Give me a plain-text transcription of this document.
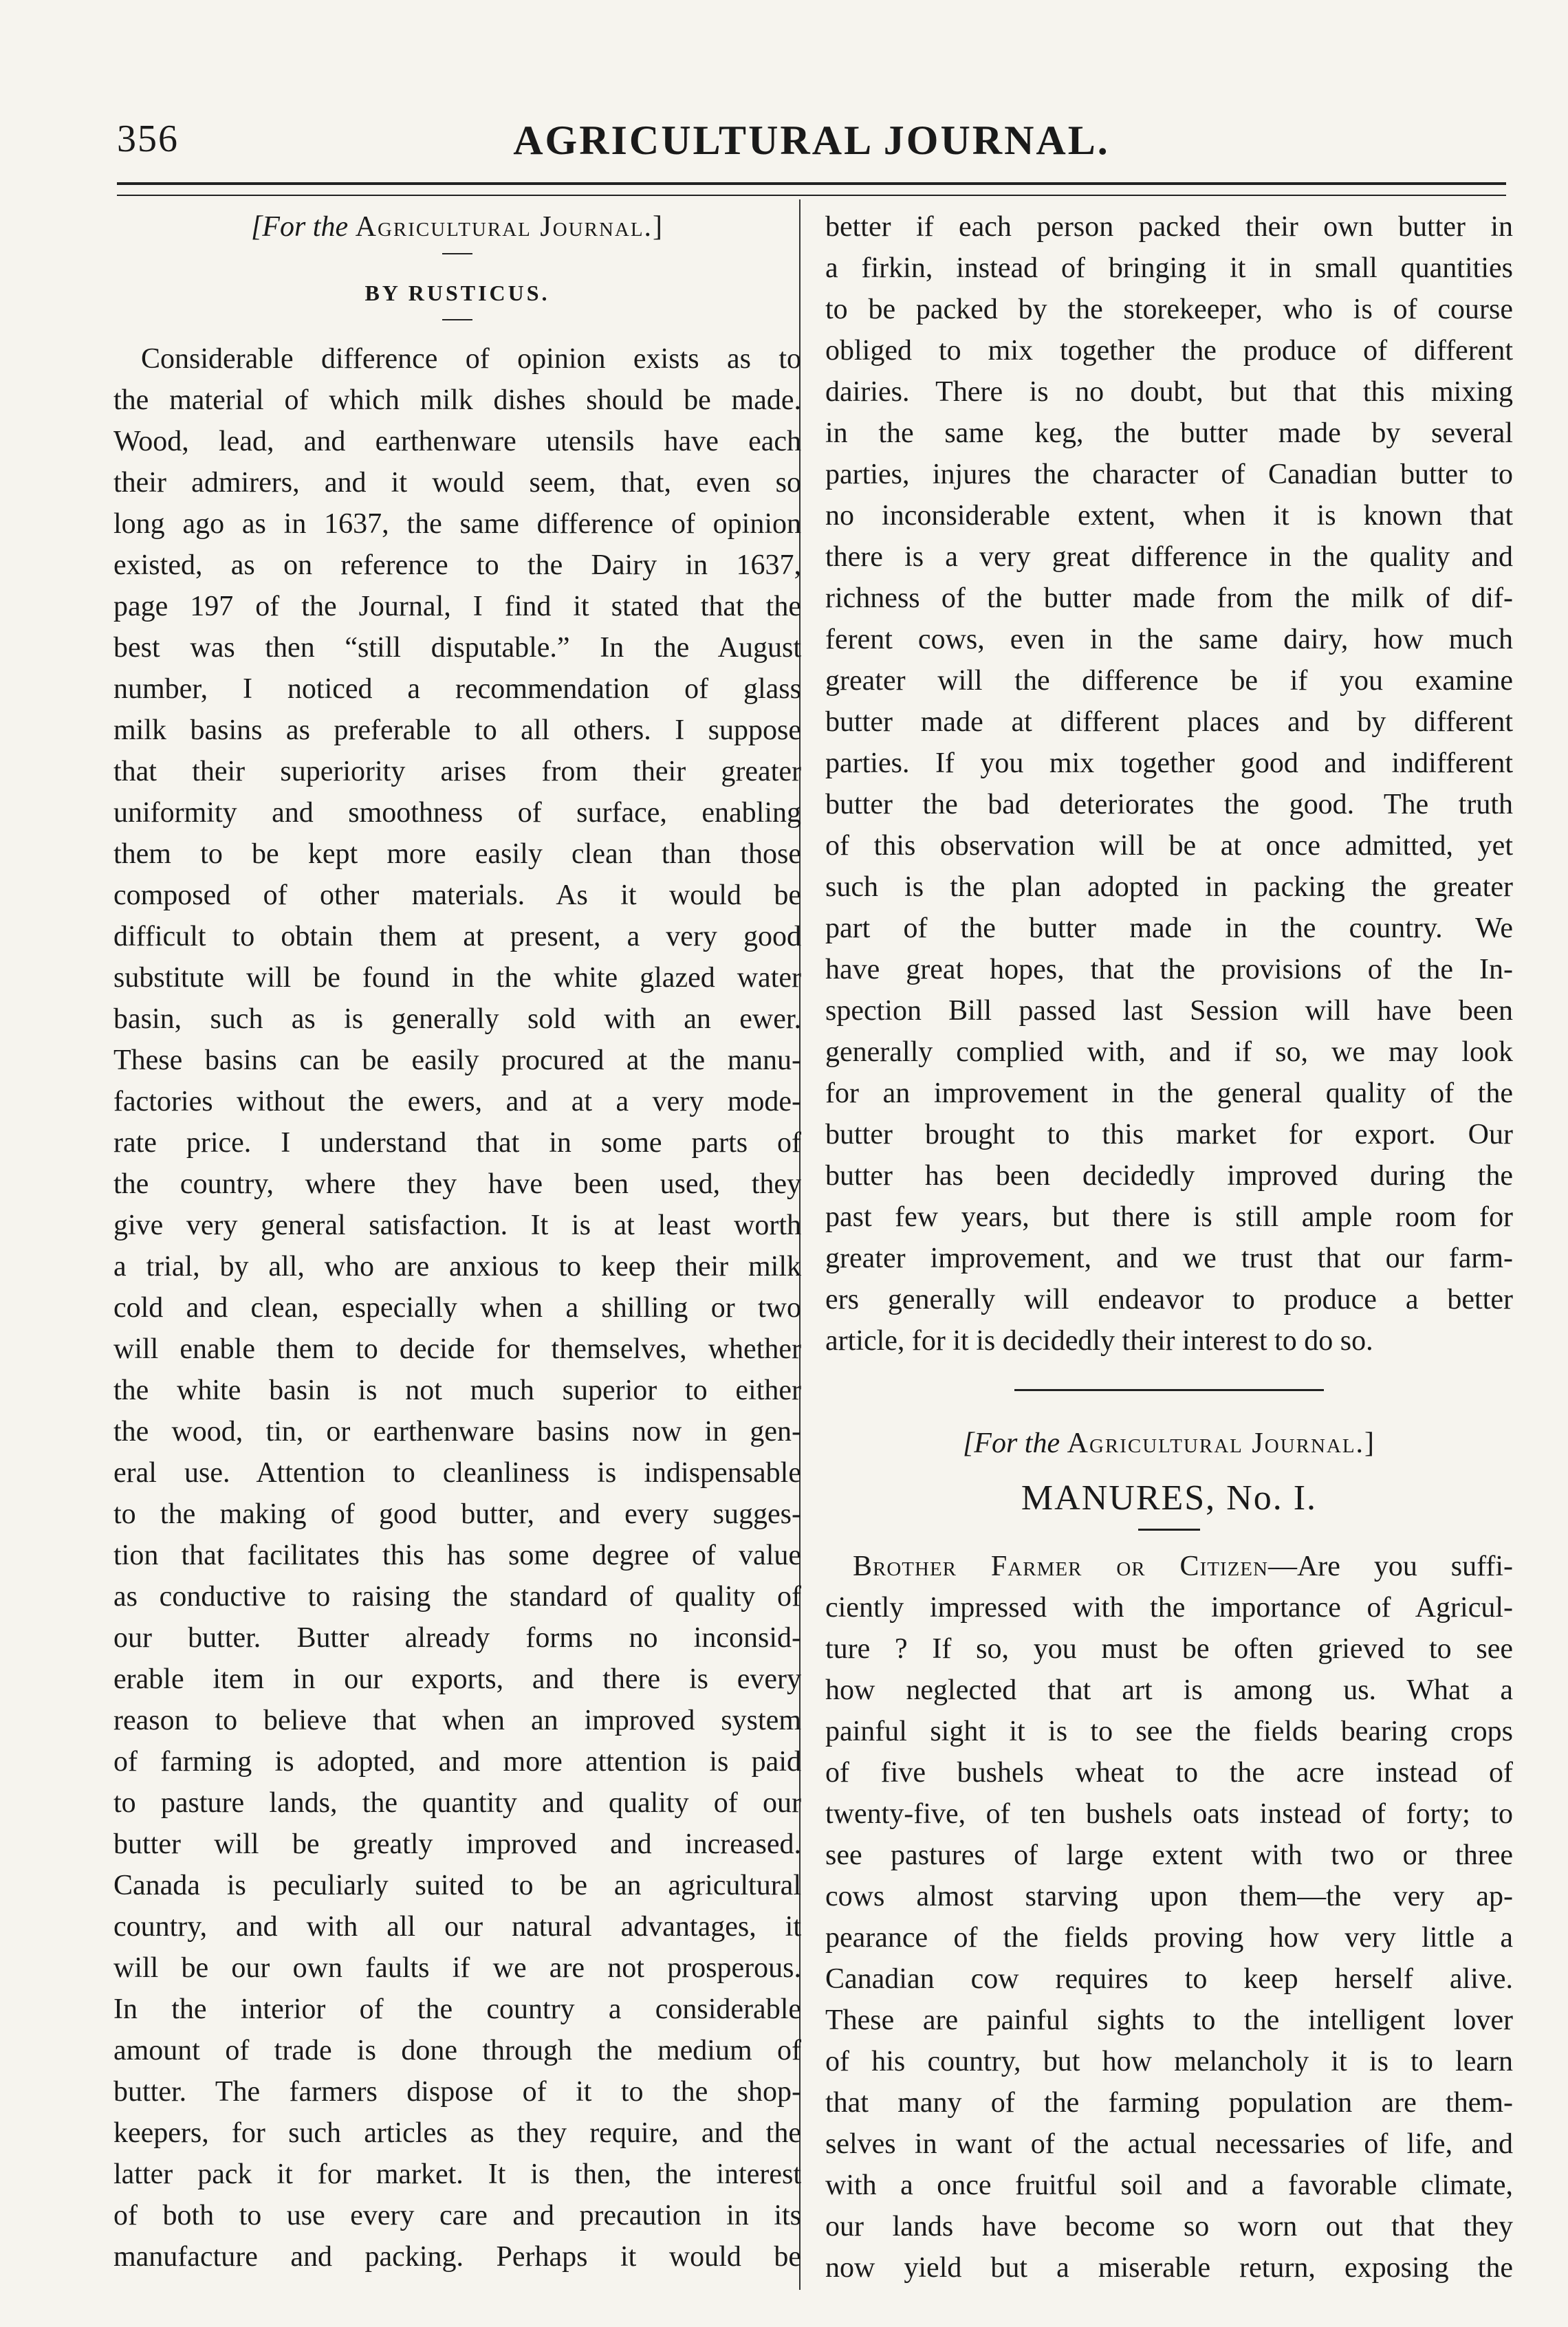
356	AGRICULTURAL JOURNAL.
[For the Agricultural Journal.]
BY RUSTICUS.
Considerable difference of opinion exists as to
the material of which milk dishes should be made.
Wood, lead, and earthenware utensils have each
their admirers, and it would seem, that, even so
long ago as in 1637, the same difference of opinion
existed, as on reference to the Dairy in 1637,
page 197 of the Journal, I find it stated that the
best was then “still disputable.” In the August
number, I noticed a recommendation of glass
milk basins as preferable to all others. I suppose
that their superiority arises from their greater
uniformity and smoothness of surface, enabling
them to be kept more easily clean than those
composed of other materials. As it would be
difficult to obtain them at present, a very good
substitute will be found in the white glazed water
basin, such as is generally sold with an ewer.
These basins can be easily procured at the manu-
factories without the ewers, and at a very mode-
rate price. I understand that in some parts of
the country, where they have been used, they
give very general satisfaction. It is at least worth
a trial, by all, who are anxious to keep their milk
cold and clean, especially when a shilling or two
will enable them to decide for themselves, whether
the white basin is not much superior to either
the wood, tin, or earthenware basins now in gen-
eral use. Attention to cleanliness is indispensable
to the making of good butter, and every sugges-
tion that facilitates this has some degree of value
as conductive to raising the standard of quality of
our butter. Butter already forms no inconsid-
erable item in our exports, and there is every
reason to believe that when an improved system
of farming is adopted, and more attention is paid
to pasture lands, the quantity and quality of our
butter will be greatly improved and increased.
Canada is peculiarly suited to be an agricultural
country, and with all our natural advantages, it
will be our own faults if we are not prosperous.
In the interior of the country a considerable
amount of trade is done through the medium of
butter. The farmers dispose of it to the shop-
keepers, for such articles as they require, and the
latter pack it for market. It is then, the interest
of both to use every care and precaution in its
manufacture and packing. Perhaps it would be
better if each person packed their own butter in
a firkin, instead of bringing it in small quantities
to be packed by the storekeeper, who is of course
obliged to mix together the produce of different
dairies. There is no doubt, but that this mixing
in the same keg, the butter made by several
parties, injures the character of Canadian butter to
no inconsiderable extent, when it is known that
there is a very great difference in the quality and
richness of the butter made from the milk of dif-
ferent cows, even in the same dairy, how much
greater will the difference be if you examine
butter made at different places and by different
parties. If you mix together good and indifferent
butter the bad deteriorates the good. The truth
of this observation will be at once admitted, yet
such is the plan adopted in packing the greater
part of the butter made in the country. We
have great hopes, that the provisions of the In-
spection Bill passed last Session will have been
generally complied with, and if so, we may look
for an improvement in the general quality of the
butter brought to this market for export. Our
butter has been decidedly improved during the
past few years, but there is still ample room for
greater improvement, and we trust that our farm-
ers generally will endeavor to produce a better
article, for it is decidedly their interest to do so.
[For the Agricultural Journal.]
MANURES, No. I.
Brother Farmer or Citizen—Are you suffi-
ciently impressed with the importance of Agricul-
ture ? If so, you must be often grieved to see
how neglected that art is among us. What a
painful sight it is to see the fields bearing crops
of five bushels wheat to the acre instead of
twenty-five, of ten bushels oats instead of forty; to
see pastures of large extent with two or three
cows almost starving upon them—the very ap-
pearance of the fields proving how very little a
Canadian cow requires to keep herself alive.
These are painful sights to the intelligent lover
of his country, but how melancholy it is to learn
that many of the farming population are them-
selves in want of the actual necessaries of life, and
with a once fruitful soil and a favorable climate,
our lands have become so worn out that they
now yield but a miserable return, exposing the
